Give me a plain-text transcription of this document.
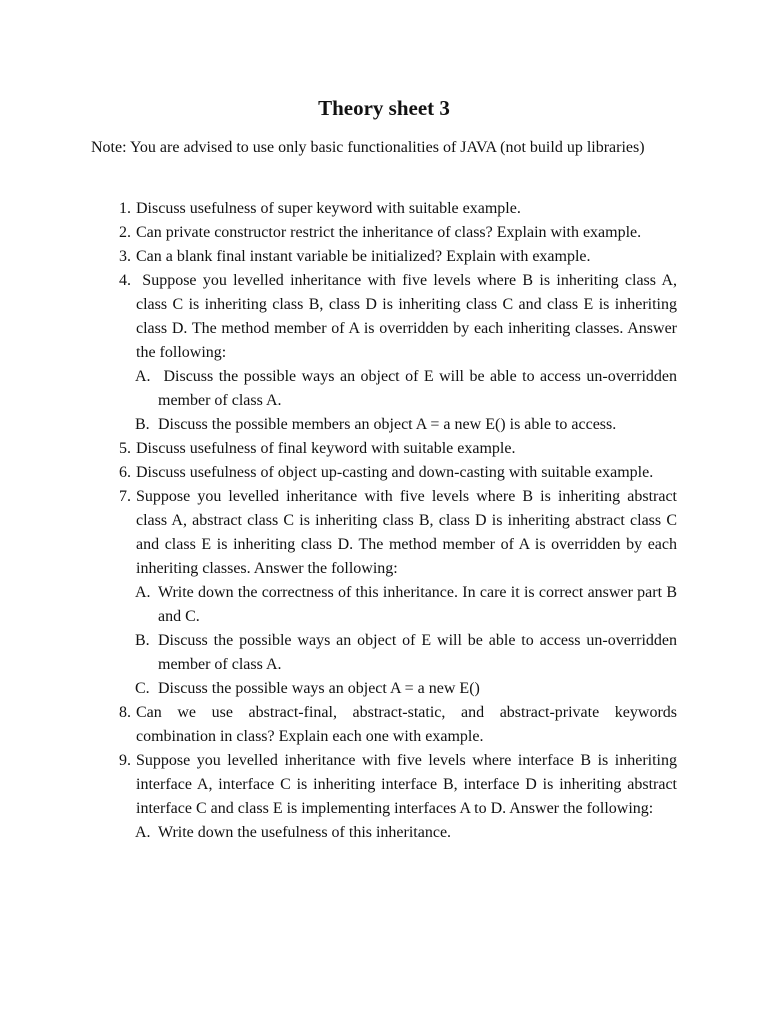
Theory sheet 3
Note: You are advised to use only basic functionalities of JAVA (not build up libraries)
1. Discuss usefulness of super keyword with suitable example.
2. Can private constructor restrict the inheritance of class? Explain with example.
3. Can a blank final instant variable be initialized? Explain with example.
4. Suppose you levelled inheritance with five levels where B is inheriting class A, class C is inheriting class B, class D is inheriting class C and class E is inheriting class D. The method member of A is overridden by each inheriting classes. Answer the following:
A. Discuss the possible ways an object of E will be able to access un-overridden member of class A.
B. Discuss the possible members an object A = a new E() is able to access.
5. Discuss usefulness of final keyword with suitable example.
6. Discuss usefulness of object up-casting and down-casting with suitable example.
7. Suppose you levelled inheritance with five levels where B is inheriting abstract class A, abstract class C is inheriting class B, class D is inheriting abstract class C and class E is inheriting class D. The method member of A is overridden by each inheriting classes. Answer the following:
A. Write down the correctness of this inheritance. In care it is correct answer part B and C.
B. Discuss the possible ways an object of E will be able to access un-overridden member of class A.
C. Discuss the possible ways an object A = a new E()
8. Can we use abstract-final, abstract-static, and abstract-private keywords combination in class? Explain each one with example.
9. Suppose you levelled inheritance with five levels where interface B is inheriting interface A, interface C is inheriting interface B, interface D is inheriting abstract interface C and class E is implementing interfaces A to D. Answer the following:
A. Write down the usefulness of this inheritance.
